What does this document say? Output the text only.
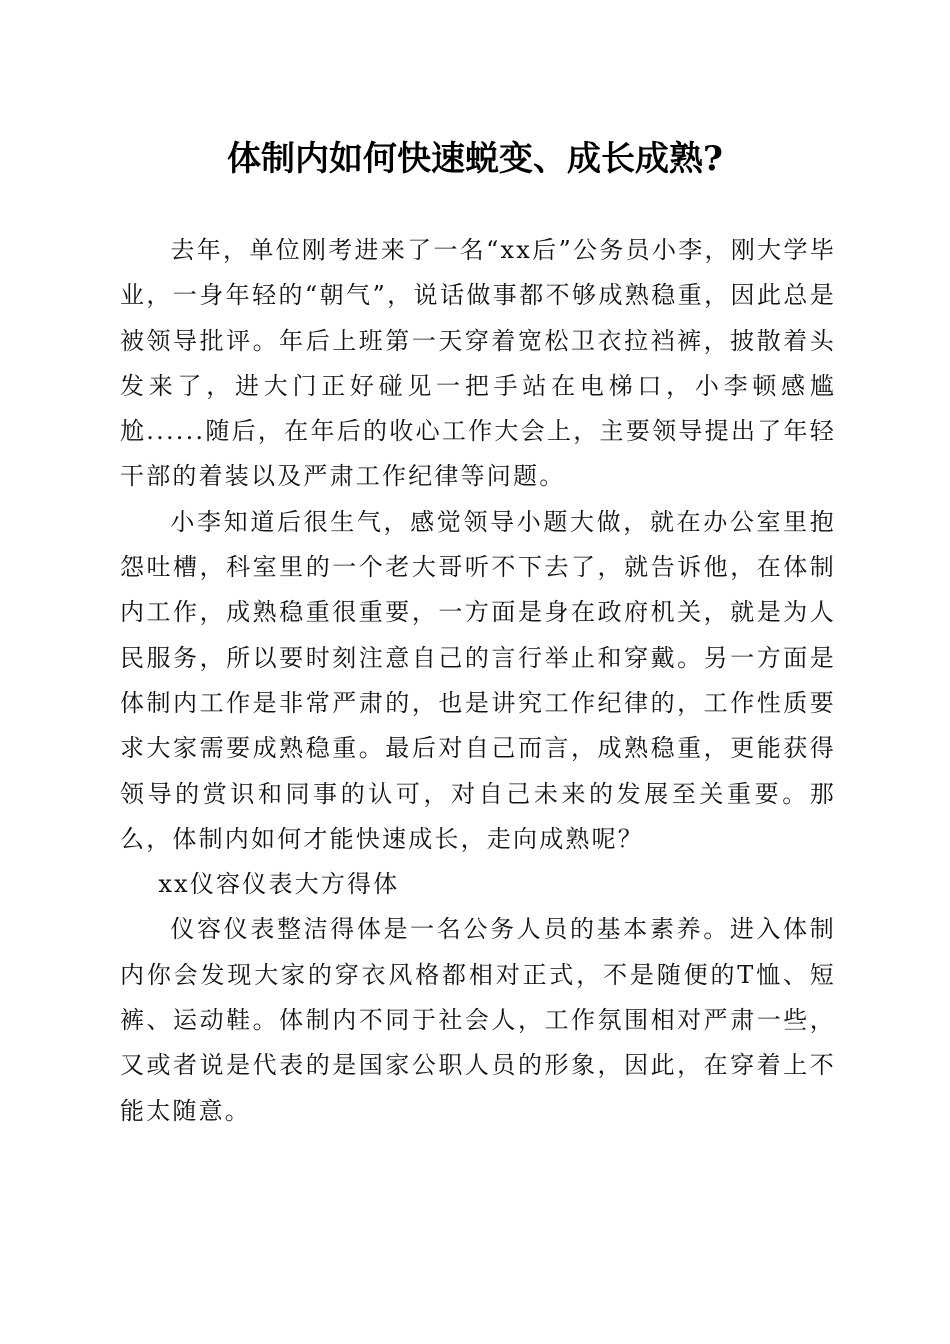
体制内如何快速蜕变、成长成熟?

去年，单位刚考进来了一名“xx后”公务员小李，刚大学毕业，一身年轻的“朝气”，说话做事都不够成熟稳重，因此总是被领导批评。年后上班第一天穿着宽松卫衣拉裆裤，披散着头发来了，进大门正好碰见一把手站在电梯口，小李顿感尴尬......随后，在年后的收心工作大会上，主要领导提出了年轻干部的着装以及严肃工作纪律等问题。

小李知道后很生气，感觉领导小题大做，就在办公室里抱怨吐槽，科室里的一个老大哥听不下去了，就告诉他，在体制内工作，成熟稳重很重要，一方面是身在政府机关，就是为人民服务，所以要时刻注意自己的言行举止和穿戴。另一方面是体制内工作是非常严肃的，也是讲究工作纪律的，工作性质要求大家需要成熟稳重。最后对自己而言，成熟稳重，更能获得领导的赏识和同事的认可，对自己未来的发展至关重要。那么，体制内如何才能快速成长，走向成熟呢？

xx仪容仪表大方得体

仪容仪表整洁得体是一名公务人员的基本素养。进入体制内你会发现大家的穿衣风格都相对正式，不是随便的T恤、短裤、运动鞋。体制内不同于社会人，工作氛围相对严肃一些，又或者说是代表的是国家公职人员的形象，因此，在穿着上不能太随意。
